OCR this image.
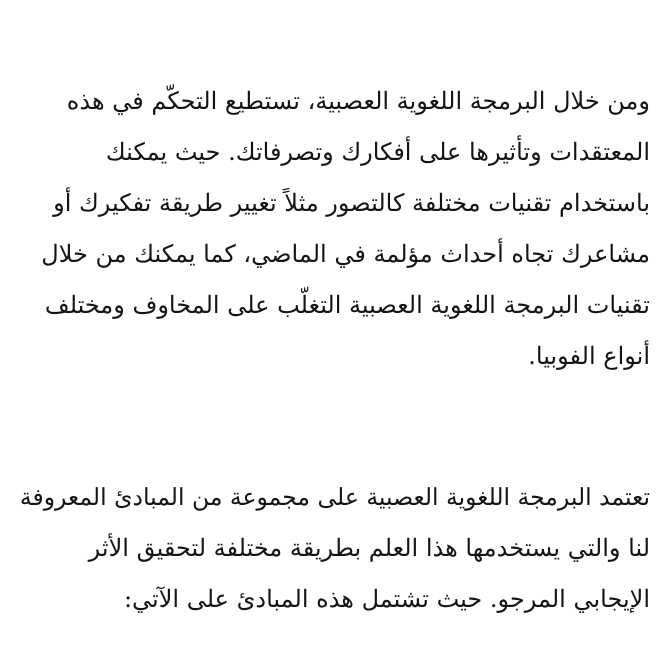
ومن خلال البرمجة اللغوية العصبية، تستطيع التحكّم في هذه
المعتقدات وتأثيرها على أفكارك وتصرفاتك. حيث يمكنك
باستخدام تقنيات مختلفة كالتصور مثلاً تغيير طريقة تفكيرك أو
مشاعرك تجاه أحداث مؤلمة في الماضي، كما يمكنك من خلال
تقنيات البرمجة اللغوية العصبية التغلّب على المخاوف ومختلف
أنواع الفوبيا.
تعتمد البرمجة اللغوية العصبية على مجموعة من المبادئ المعروفة
لنا والتي يستخدمها هذا العلم بطريقة مختلفة لتحقيق الأثر
الإيجابي المرجو. حيث تشتمل هذه المبادئ على الآتي:
